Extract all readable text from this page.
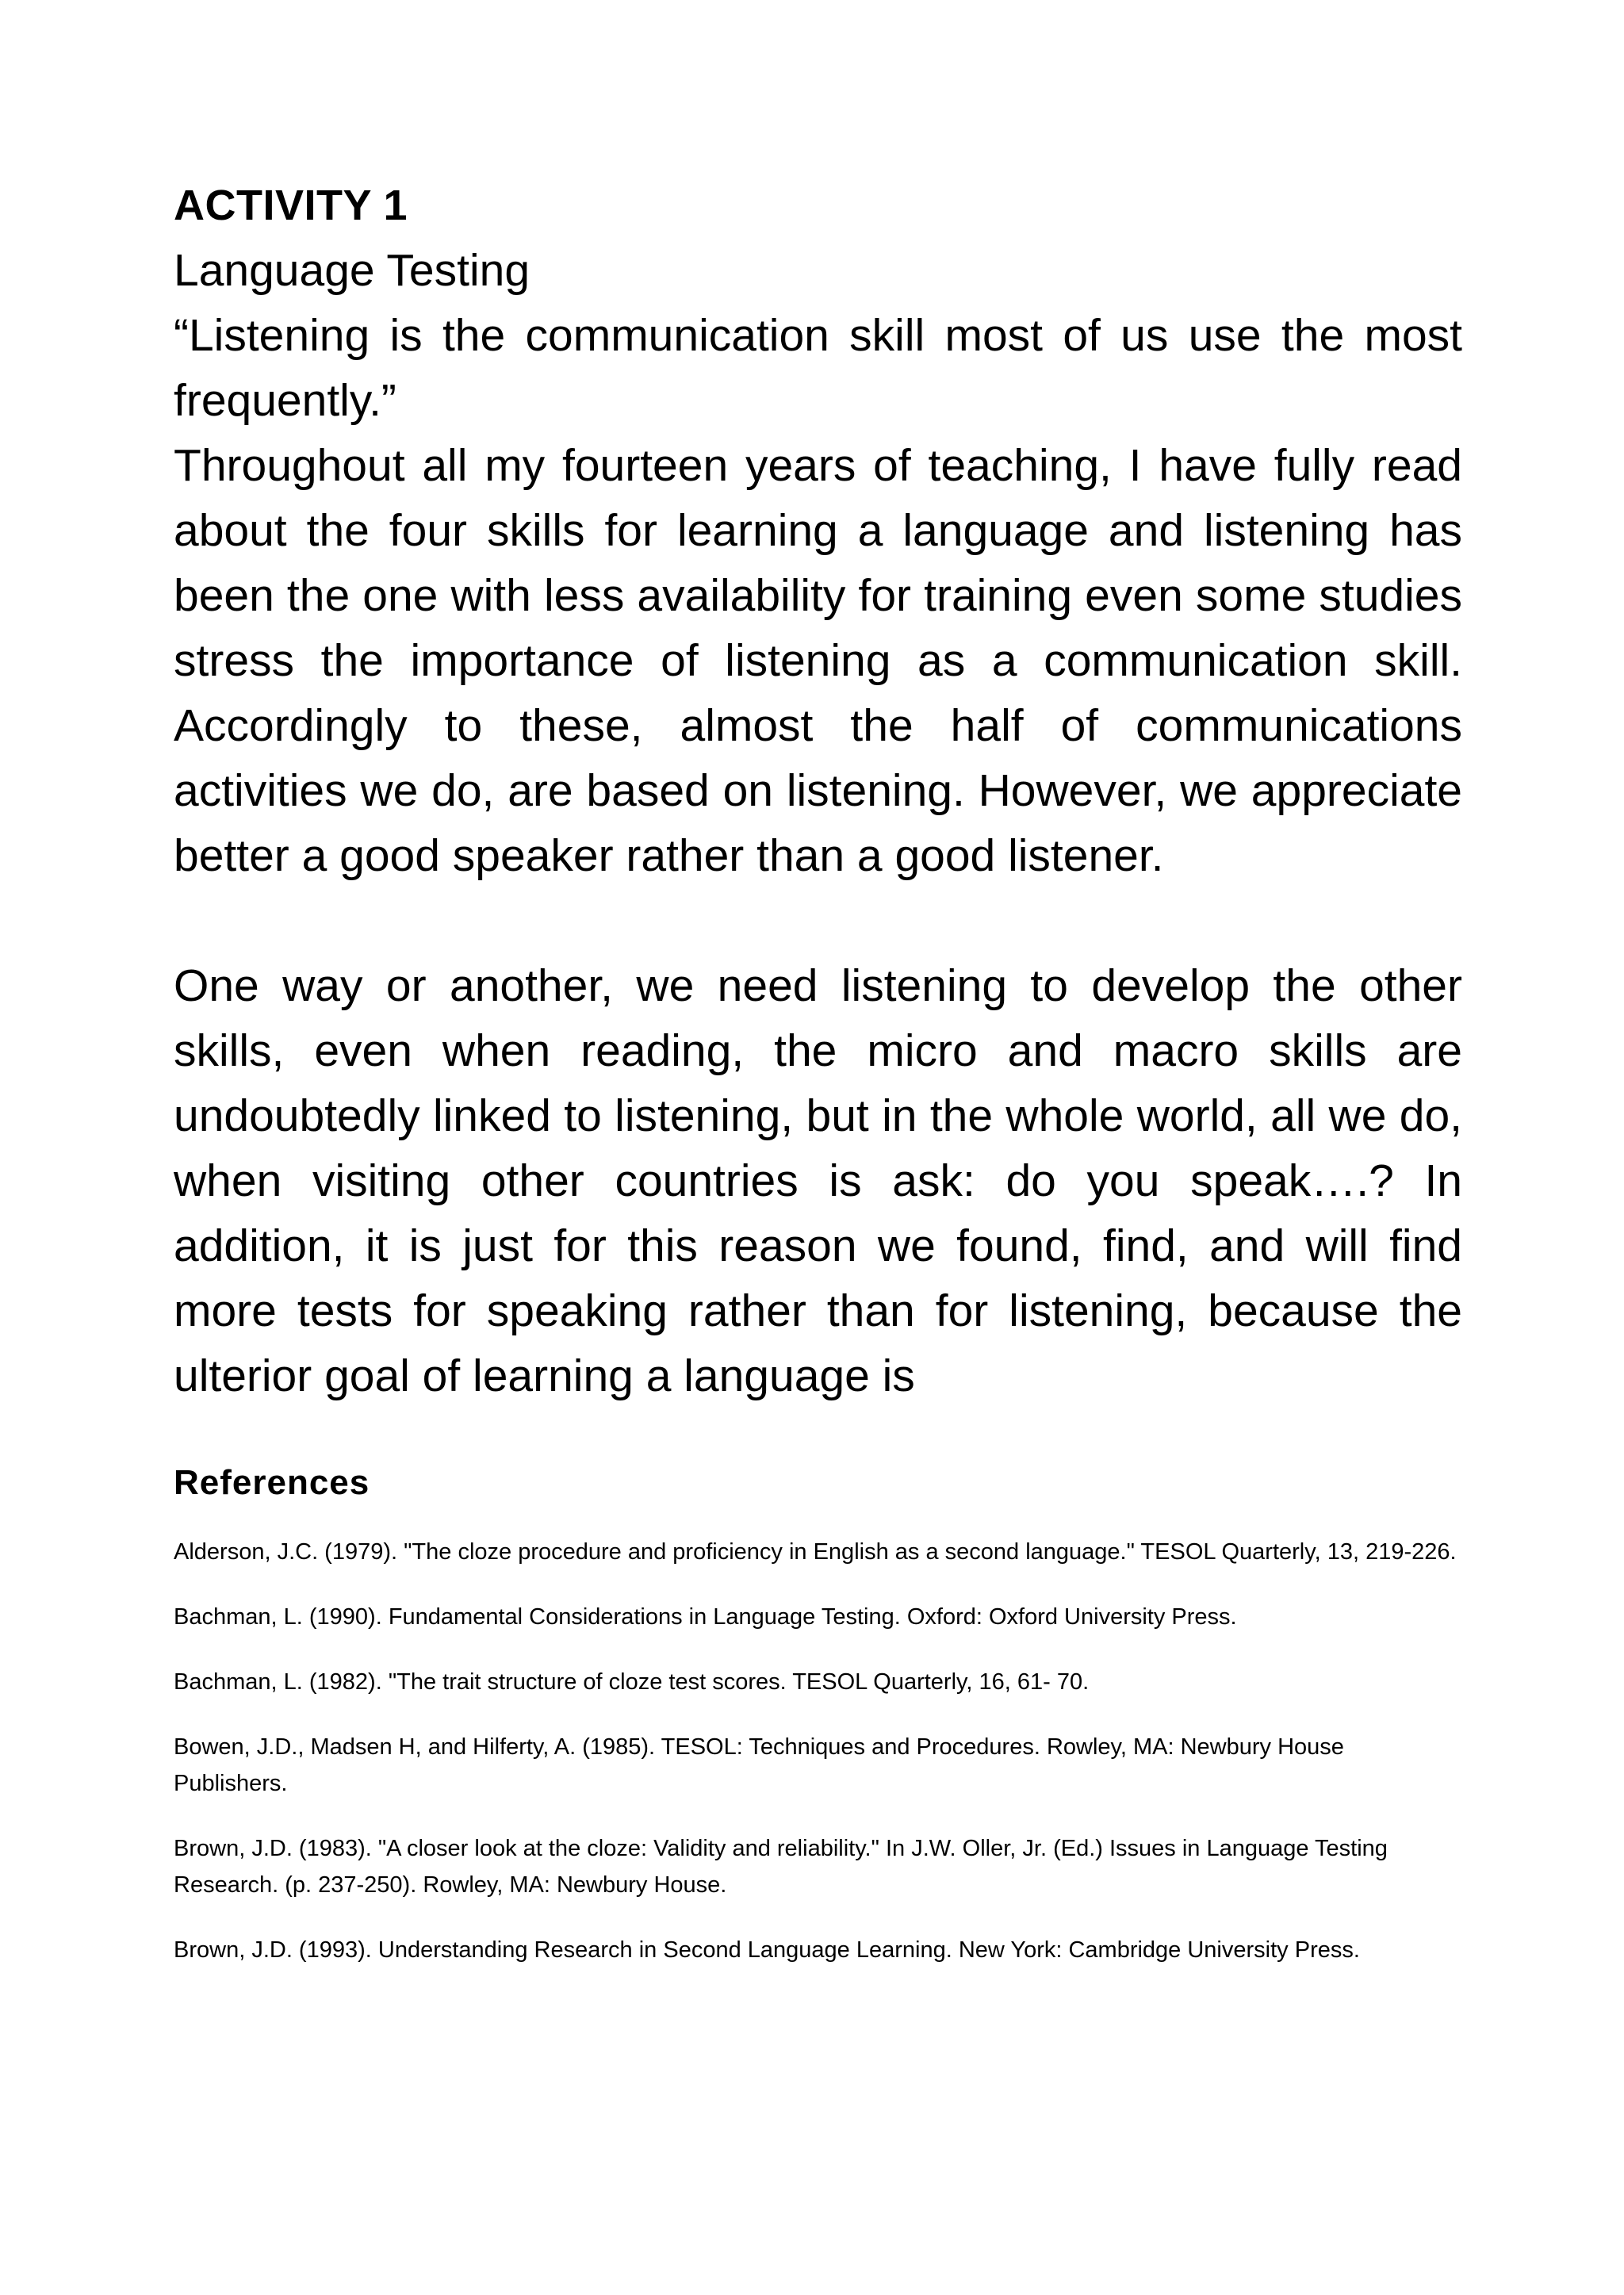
ACTIVITY 1

Language Testing

“Listening is the communication skill most of us use the most frequently.”

Throughout all my fourteen years of teaching, I have fully read about the four skills for learning a language and listening has been the one with less availability for training even some studies stress the importance of listening as a communication skill. Accordingly to these, almost the half of communications activities we do, are based on listening. However, we appreciate better a good speaker rather than a good listener.

One way or another, we need listening to develop the other skills, even when reading, the micro and macro skills are undoubtedly linked to listening, but in the whole world, all we do, when visiting other countries is ask: do you speak….? In addition, it is just for this reason we found, find, and will find more tests for speaking rather than for listening, because the ulterior goal of learning a language is

References
Alderson, J.C. (1979). "The cloze procedure and proficiency in English as a second language." TESOL Quarterly, 13, 219-226.
Bachman, L. (1990). Fundamental Considerations in Language Testing. Oxford: Oxford University Press.
Bachman, L. (1982). "The trait structure of cloze test scores. TESOL Quarterly, 16, 61- 70.
Bowen, J.D., Madsen H, and Hilferty, A. (1985). TESOL: Techniques and Procedures. Rowley, MA: Newbury House Publishers.
Brown, J.D. (1983). "A closer look at the cloze: Validity and reliability." In J.W. Oller, Jr. (Ed.) Issues in Language Testing Research. (p. 237-250). Rowley, MA: Newbury House.
Brown, J.D. (1993). Understanding Research in Second Language Learning. New York: Cambridge University Press.
